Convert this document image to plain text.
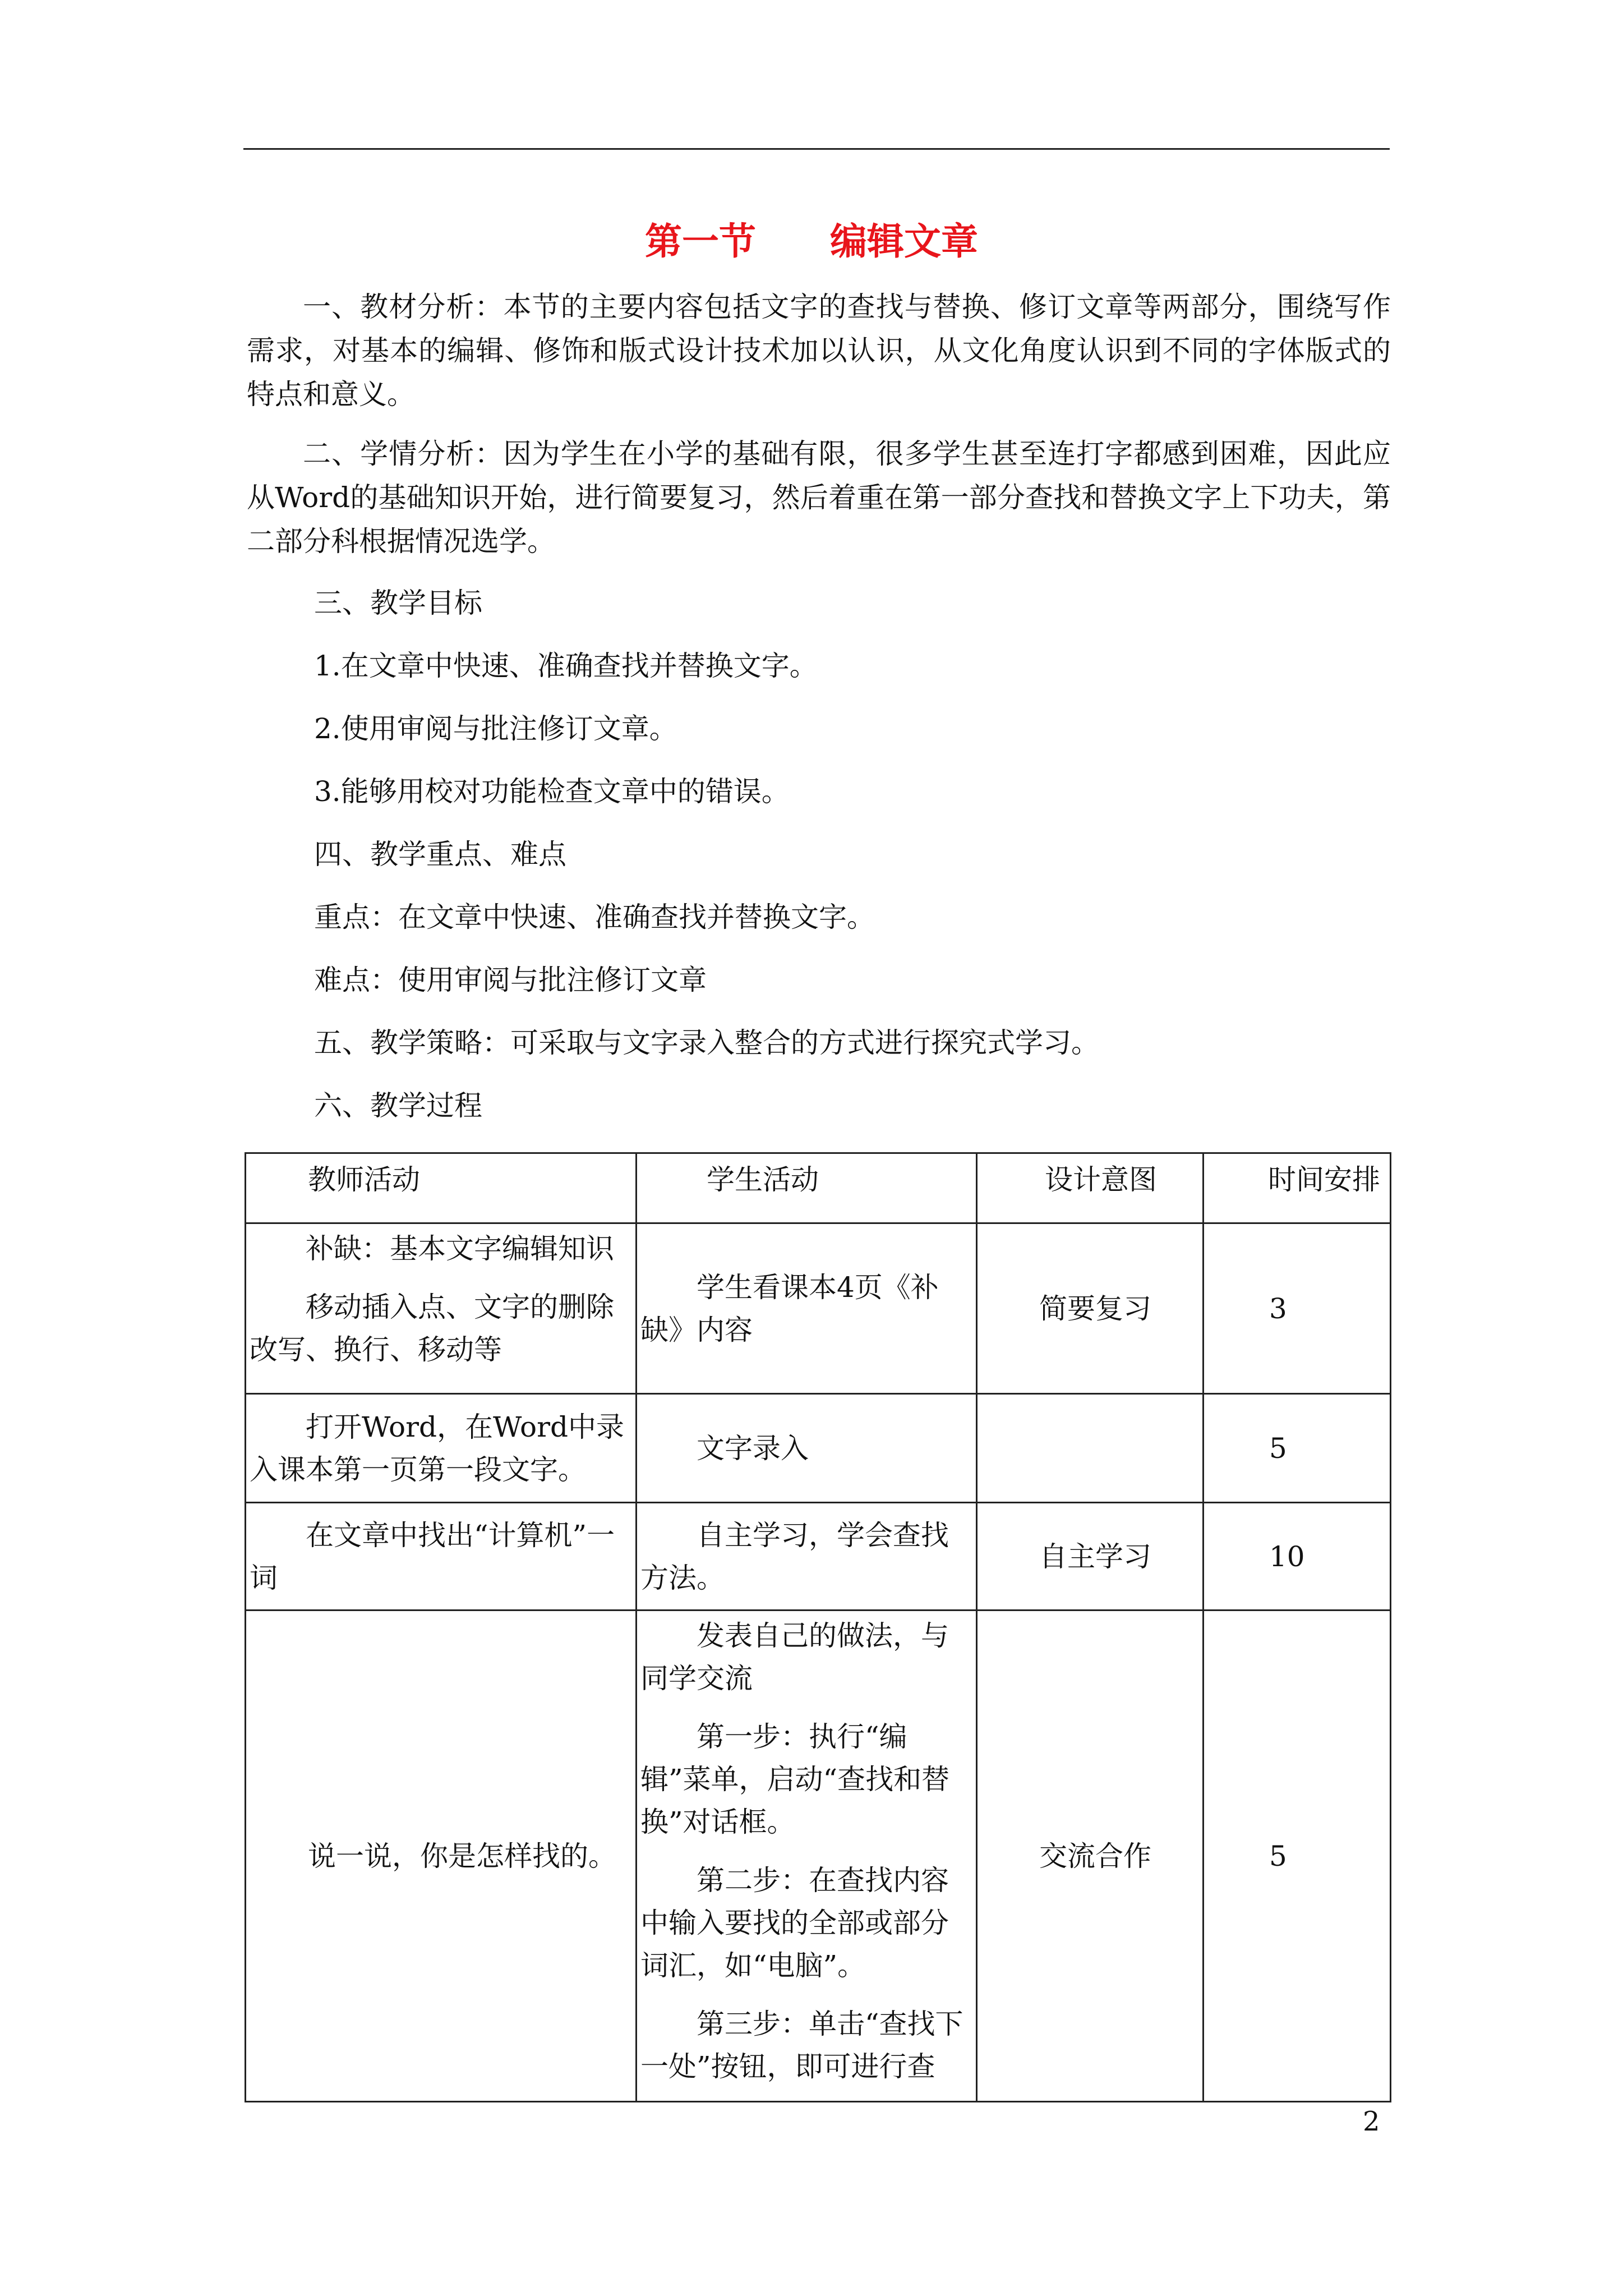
第一节　　编辑文章

一、教材分析：本节的主要内容包括文字的查找与替换、修订文章等两部分，围绕写作需求，对基本的编辑、修饰和版式设计技术加以认识，从文化角度认识到不同的字体版式的特点和意义。

二、学情分析：因为学生在小学的基础有限，很多学生甚至连打字都感到困难，因此应从Word的基础知识开始，进行简要复习，然后着重在第一部分查找和替换文字上下功夫，第二部分科根据情况选学。

三、教学目标

1.在文章中快速、准确查找并替换文字。

2.使用审阅与批注修订文章。

3.能够用校对功能检查文章中的错误。

四、教学重点、难点

重点：在文章中快速、准确查找并替换文字。

难点：使用审阅与批注修订文章

五、教学策略：可采取与文字录入整合的方式进行探究式学习。

六、教学过程

教师活动	学生活动	设计意图	时间安排

补缺：基本文字编辑知识

移动插入点、文字的删除改写、换行、移动等	学生看课本4页《补缺》内容	简要复习	3

打开Word，在Word中录入课本第一页第一段文字。	文字录入		5

在文章中找出“计算机”一词	自主学习，学会查找方法。	自主学习	10
说一说，你是怎样找的。	发表自己的做法，与同学交流

第一步：执行“编辑”菜单，启动“查找和替换”对话框。

第二步：在查找内容中输入要找的全部或部分词汇，如“电脑”。

第三步：单击“查找下一处”按钮，即可进行查	交流合作	5
2
